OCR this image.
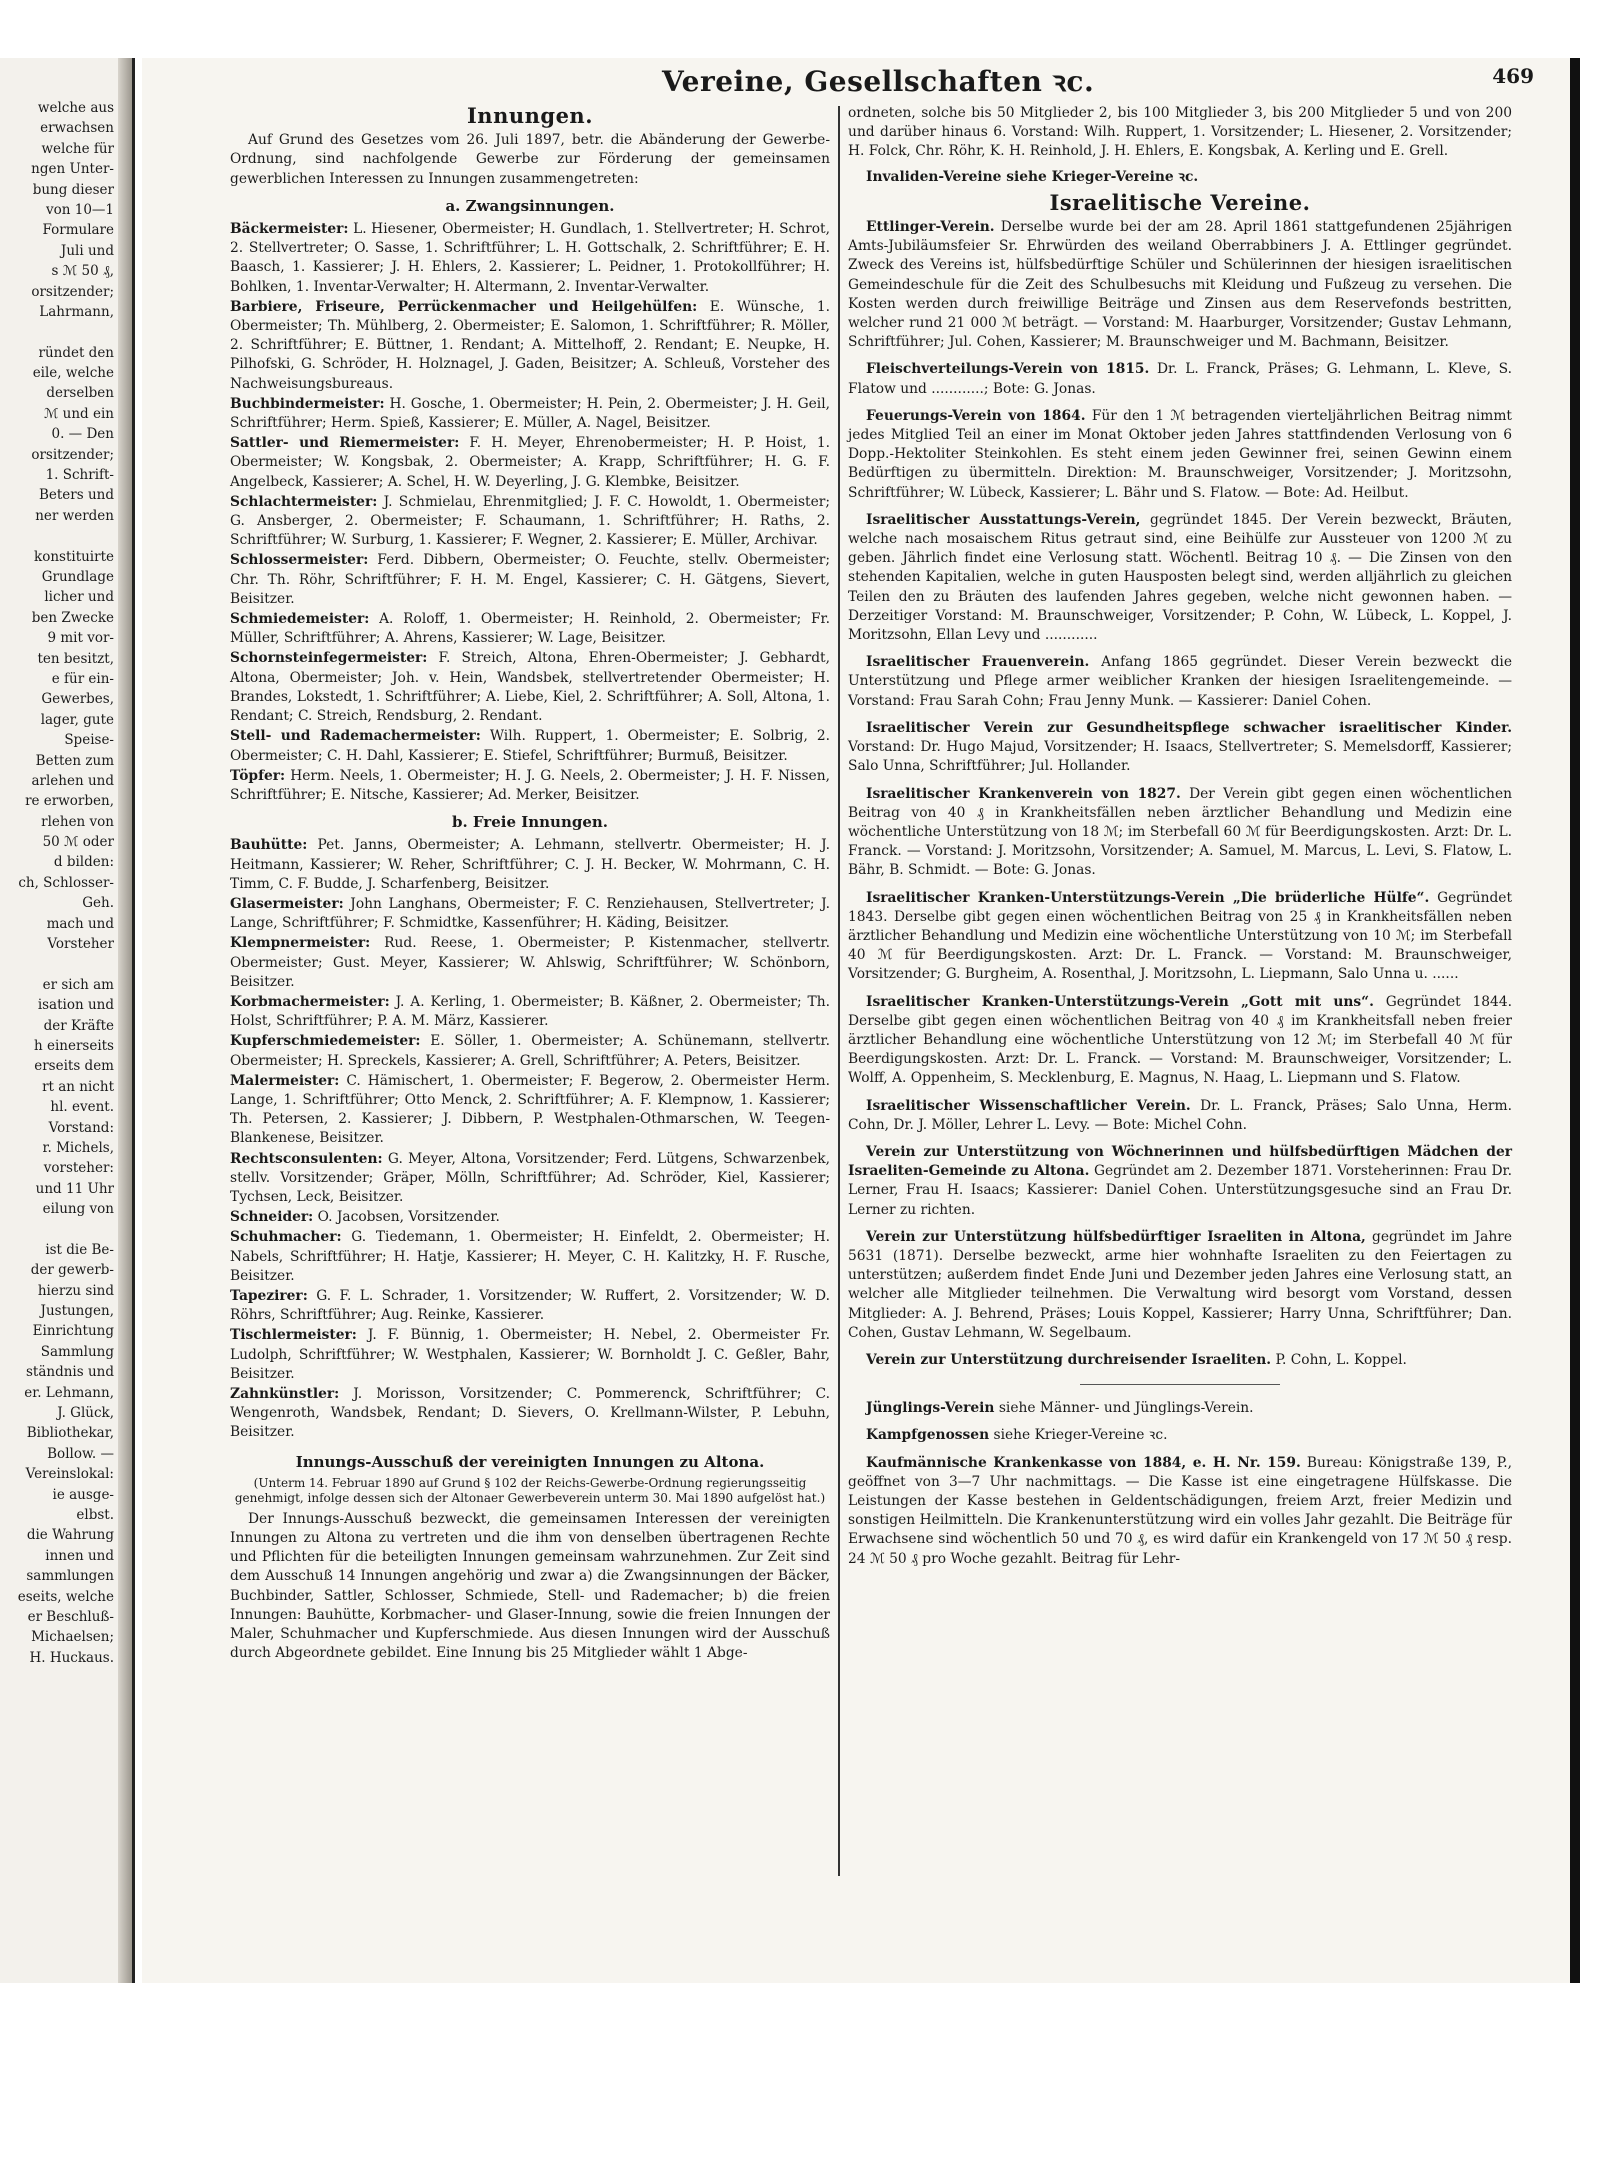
welche aus
erwachsen
welche für
ngen Unter-
bung dieser
von 10—1
Formulare
Juli und
s ℳ 50 ₰,
orsitzender;
Lahrmann,
ründet den
eile, welche
derselben
ℳ und ein
0. — Den
orsitzender;
1. Schrift-
Beters und
ner werden
konstituirte
Grundlage
licher und
ben Zwecke
9 mit vor-
ten besitzt,
e für ein-
Gewerbes,
lager, gute
Speise-
Betten zum
arlehen und
re erworben,
rlehen von
50 ℳ oder
d bilden:
ch, Schlosser-
Geh.
mach und
Vorsteher
er sich am
isation und
der Kräfte
h einerseits
erseits dem
rt an nicht
hl. event.
Vorstand:
r. Michels,
vorsteher:
und 11 Uhr
eilung von
ist die Be-
der gewerb-
hierzu sind
Justungen,
Einrichtung
Sammlung
ständnis und
er. Lehmann,
J. Glück,
Bibliothekar,
Bollow. —
Vereinslokal:
ie ausge-
elbst.
die Wahrung
innen und
sammlungen
eseits, welche
er Beschluß-
Michaelsen;
H. Huckaus.
Vereine, Gesellschaften ꝛc.	469
Innungen.

Auf Grund des Gesetzes vom 26. Juli 1897, betr. die Abänderung der Gewerbe-Ordnung, sind nachfolgende Gewerbe zur Förderung der gemeinsamen gewerblichen Interessen zu Innungen zusammengetreten:

a. Zwangsinnungen.

Bäckermeister: L. Hiesener, Obermeister; H. Gundlach, 1. Stellvertreter; H. Schrot, 2. Stellvertreter; O. Sasse, 1. Schriftführer; L. H. Gottschalk, 2. Schriftführer; E. H. Baasch, 1. Kassierer; J. H. Ehlers, 2. Kassierer; L. Peidner, 1. Protokollführer; H. Bohlken, 1. Inventar-Verwalter; H. Altermann, 2. Inventar-Verwalter.

Barbiere, Friseure, Perrückenmacher und Heilgehülfen: E. Wünsche, 1. Obermeister; Th. Mühlberg, 2. Obermeister; E. Salomon, 1. Schriftführer; R. Möller, 2. Schriftführer; E. Büttner, 1. Rendant; A. Mittelhoff, 2. Rendant; E. Neupke, H. Pilhofski, G. Schröder, H. Holznagel, J. Gaden, Beisitzer; A. Schleuß, Vorsteher des Nachweisungsbureaus.

Buchbindermeister: H. Gosche, 1. Obermeister; H. Pein, 2. Obermeister; J. H. Geil, Schriftführer; Herm. Spieß, Kassierer; E. Müller, A. Nagel, Beisitzer.

Sattler- und Riemermeister: F. H. Meyer, Ehrenobermeister; H. P. Hoist, 1. Obermeister; W. Kongsbak, 2. Obermeister; A. Krapp, Schriftführer; H. G. F. Angelbeck, Kassierer; A. Schel, H. W. Deyerling, J. G. Klembke, Beisitzer.

Schlachtermeister: J. Schmielau, Ehrenmitglied; J. F. C. Howoldt, 1. Obermeister; G. Ansberger, 2. Obermeister; F. Schaumann, 1. Schriftführer; H. Raths, 2. Schriftführer; W. Surburg, 1. Kassierer; F. Wegner, 2. Kassierer; E. Müller, Archivar.

Schlossermeister: Ferd. Dibbern, Obermeister; O. Feuchte, stellv. Obermeister; Chr. Th. Röhr, Schriftführer; F. H. M. Engel, Kassierer; C. H. Gätgens, Sievert, Beisitzer.

Schmiedemeister: A. Roloff, 1. Obermeister; H. Reinhold, 2. Obermeister; Fr. Müller, Schriftführer; A. Ahrens, Kassierer; W. Lage, Beisitzer.

Schornsteinfegermeister: F. Streich, Altona, Ehren-Obermeister; J. Gebhardt, Altona, Obermeister; Joh. v. Hein, Wandsbek, stellvertretender Obermeister; H. Brandes, Lokstedt, 1. Schriftführer; A. Liebe, Kiel, 2. Schriftführer; A. Soll, Altona, 1. Rendant; C. Streich, Rendsburg, 2. Rendant.

Stell- und Rademachermeister: Wilh. Ruppert, 1. Obermeister; E. Solbrig, 2. Obermeister; C. H. Dahl, Kassierer; E. Stiefel, Schriftführer; Burmuß, Beisitzer.

Töpfer: Herm. Neels, 1. Obermeister; H. J. G. Neels, 2. Obermeister; J. H. F. Nissen, Schriftführer; E. Nitsche, Kassierer; Ad. Merker, Beisitzer.

b. Freie Innungen.

Bauhütte: Pet. Janns, Obermeister; A. Lehmann, stellvertr. Obermeister; H. J. Heitmann, Kassierer; W. Reher, Schriftführer; C. J. H. Becker, W. Mohrmann, C. H. Timm, C. F. Budde, J. Scharfenberg, Beisitzer.

Glasermeister: John Langhans, Obermeister; F. C. Renziehausen, Stellvertreter; J. Lange, Schriftführer; F. Schmidtke, Kassenführer; H. Käding, Beisitzer.

Klempnermeister: Rud. Reese, 1. Obermeister; P. Kistenmacher, stellvertr. Obermeister; Gust. Meyer, Kassierer; W. Ahlswig, Schriftführer; W. Schönborn, Beisitzer.

Korbmachermeister: J. A. Kerling, 1. Obermeister; B. Käßner, 2. Obermeister; Th. Holst, Schriftführer; P. A. M. März, Kassierer.

Kupferschmiedemeister: E. Söller, 1. Obermeister; A. Schünemann, stellvertr. Obermeister; H. Spreckels, Kassierer; A. Grell, Schriftführer; A. Peters, Beisitzer.

Malermeister: C. Hämischert, 1. Obermeister; F. Begerow, 2. Obermeister Herm. Lange, 1. Schriftführer; Otto Menck, 2. Schriftführer; A. F. Klempnow, 1. Kassierer; Th. Petersen, 2. Kassierer; J. Dibbern, P. Westphalen-Othmarschen, W. Teegen-Blankenese, Beisitzer.

Rechtsconsulenten: G. Meyer, Altona, Vorsitzender; Ferd. Lütgens, Schwarzenbek, stellv. Vorsitzender; Gräper, Mölln, Schriftführer; Ad. Schröder, Kiel, Kassierer; Tychsen, Leck, Beisitzer.

Schneider: O. Jacobsen, Vorsitzender.

Schuhmacher: G. Tiedemann, 1. Obermeister; H. Einfeldt, 2. Obermeister; H. Nabels, Schriftführer; H. Hatje, Kassierer; H. Meyer, C. H. Kalitzky, H. F. Rusche, Beisitzer.

Tapezirer: G. F. L. Schrader, 1. Vorsitzender; W. Ruffert, 2. Vorsitzender; W. D. Röhrs, Schriftführer; Aug. Reinke, Kassierer.

Tischlermeister: J. F. Bünnig, 1. Obermeister; H. Nebel, 2. Obermeister Fr. Ludolph, Schriftführer; W. Westphalen, Kassierer; W. Bornholdt J. C. Geßler, Bahr, Beisitzer.

Zahnkünstler: J. Morisson, Vorsitzender; C. Pommerenck, Schriftführer; C. Wengenroth, Wandsbek, Rendant; D. Sievers, O. Krellmann-Wilster, P. Lebuhn, Beisitzer.

Innungs-Ausschuß der vereinigten Innungen zu Altona.
(Unterm 14. Februar 1890 auf Grund § 102 der Reichs-Gewerbe-Ordnung regierungsseitig genehmigt, infolge dessen sich der Altonaer Gewerbeverein unterm 30. Mai 1890 aufgelöst hat.)

Der Innungs-Ausschuß bezweckt, die gemeinsamen Interessen der vereinigten Innungen zu Altona zu vertreten und die ihm von denselben übertragenen Rechte und Pflichten für die beteiligten Innungen gemeinsam wahrzunehmen. Zur Zeit sind dem Ausschuß 14 Innungen angehörig und zwar a) die Zwangsinnungen der Bäcker, Buchbinder, Sattler, Schlosser, Schmiede, Stell- und Rademacher; b) die freien Innungen: Bauhütte, Korbmacher- und Glaser-Innung, sowie die freien Innungen der Maler, Schuhmacher und Kupferschmiede. Aus diesen Innungen wird der Ausschuß durch Abgeordnete gebildet. Eine Innung bis 25 Mitglieder wählt 1 Abge-

ordneten, solche bis 50 Mitglieder 2, bis 100 Mitglieder 3, bis 200 Mitglieder 5 und von 200 und darüber hinaus 6. Vorstand: Wilh. Ruppert, 1. Vorsitzender; L. Hiesener, 2. Vorsitzender; H. Folck, Chr. Röhr, K. H. Reinhold, J. H. Ehlers, E. Kongsbak, A. Kerling und E. Grell.

Invaliden-Vereine siehe Krieger-Vereine ꝛc.

Israelitische Vereine.

Ettlinger-Verein. Derselbe wurde bei der am 28. April 1861 stattgefundenen 25jährigen Amts-Jubiläumsfeier Sr. Ehrwürden des weiland Oberrabbiners J. A. Ettlinger gegründet. Zweck des Vereins ist, hülfsbedürftige Schüler und Schülerinnen der hiesigen israelitischen Gemeindeschule für die Zeit des Schulbesuchs mit Kleidung und Fußzeug zu versehen. Die Kosten werden durch freiwillige Beiträge und Zinsen aus dem Reservefonds bestritten, welcher rund 21 000 ℳ beträgt. — Vorstand: M. Haarburger, Vorsitzender; Gustav Lehmann, Schriftführer; Jul. Cohen, Kassierer; M. Braunschweiger und M. Bachmann, Beisitzer.

Fleischverteilungs-Verein von 1815. Dr. L. Franck, Präses; G. Lehmann, L. Kleve, S. Flatow und ............; Bote: G. Jonas.

Feuerungs-Verein von 1864. Für den 1 ℳ betragenden vierteljährlichen Beitrag nimmt jedes Mitglied Teil an einer im Monat Oktober jeden Jahres stattfindenden Verlosung von 6 Dopp.-Hektoliter Steinkohlen. Es steht einem jeden Gewinner frei, seinen Gewinn einem Bedürftigen zu übermitteln. Direktion: M. Braunschweiger, Vorsitzender; J. Moritzsohn, Schriftführer; W. Lübeck, Kassierer; L. Bähr und S. Flatow. — Bote: Ad. Heilbut.

Israelitischer Ausstattungs-Verein, gegründet 1845. Der Verein bezweckt, Bräuten, welche nach mosaischem Ritus getraut sind, eine Beihülfe zur Aussteuer von 1200 ℳ zu geben. Jährlich findet eine Verlosung statt. Wöchentl. Beitrag 10 ₰. — Die Zinsen von den stehenden Kapitalien, welche in guten Hausposten belegt sind, werden alljährlich zu gleichen Teilen den zu Bräuten des laufenden Jahres gegeben, welche nicht gewonnen haben. — Derzeitiger Vorstand: M. Braunschweiger, Vorsitzender; P. Cohn, W. Lübeck, L. Koppel, J. Moritzsohn, Ellan Levy und ............

Israelitischer Frauenverein. Anfang 1865 gegründet. Dieser Verein bezweckt die Unterstützung und Pflege armer weiblicher Kranken der hiesigen Israelitengemeinde. — Vorstand: Frau Sarah Cohn; Frau Jenny Munk. — Kassierer: Daniel Cohen.

Israelitischer Verein zur Gesundheitspflege schwacher israelitischer Kinder. Vorstand: Dr. Hugo Majud, Vorsitzender; H. Isaacs, Stellvertreter; S. Memelsdorff, Kassierer; Salo Unna, Schriftführer; Jul. Hollander.

Israelitischer Krankenverein von 1827. Der Verein gibt gegen einen wöchentlichen Beitrag von 40 ₰ in Krankheitsfällen neben ärztlicher Behandlung und Medizin eine wöchentliche Unterstützung von 18 ℳ; im Sterbefall 60 ℳ für Beerdigungskosten. Arzt: Dr. L. Franck. — Vorstand: J. Moritzsohn, Vorsitzender; A. Samuel, M. Marcus, L. Levi, S. Flatow, L. Bähr, B. Schmidt. — Bote: G. Jonas.

Israelitischer Kranken-Unterstützungs-Verein „Die brüderliche Hülfe“. Gegründet 1843. Derselbe gibt gegen einen wöchentlichen Beitrag von 25 ₰ in Krankheitsfällen neben ärztlicher Behandlung und Medizin eine wöchentliche Unterstützung von 10 ℳ; im Sterbefall 40 ℳ für Beerdigungskosten. Arzt: Dr. L. Franck. — Vorstand: M. Braunschweiger, Vorsitzender; G. Burgheim, A. Rosenthal, J. Moritzsohn, L. Liepmann, Salo Unna u. ......

Israelitischer Kranken-Unterstützungs-Verein „Gott mit uns“. Gegründet 1844. Derselbe gibt gegen einen wöchentlichen Beitrag von 40 ₰ im Krankheitsfall neben freier ärztlicher Behandlung eine wöchentliche Unterstützung von 12 ℳ; im Sterbefall 40 ℳ für Beerdigungskosten. Arzt: Dr. L. Franck. — Vorstand: M. Braunschweiger, Vorsitzender; L. Wolff, A. Oppenheim, S. Mecklenburg, E. Magnus, N. Haag, L. Liepmann und S. Flatow.

Israelitischer Wissenschaftlicher Verein. Dr. L. Franck, Präses; Salo Unna, Herm. Cohn, Dr. J. Möller, Lehrer L. Levy. — Bote: Michel Cohn.

Verein zur Unterstützung von Wöchnerinnen und hülfsbedürftigen Mädchen der Israeliten-Gemeinde zu Altona. Gegründet am 2. Dezember 1871. Vorsteherinnen: Frau Dr. Lerner, Frau H. Isaacs; Kassierer: Daniel Cohen. Unterstützungsgesuche sind an Frau Dr. Lerner zu richten.

Verein zur Unterstützung hülfsbedürftiger Israeliten in Altona, gegründet im Jahre 5631 (1871). Derselbe bezweckt, arme hier wohnhafte Israeliten zu den Feiertagen zu unterstützen; außerdem findet Ende Juni und Dezember jeden Jahres eine Verlosung statt, an welcher alle Mitglieder teilnehmen. Die Verwaltung wird besorgt vom Vorstand, dessen Mitglieder: A. J. Behrend, Präses; Louis Koppel, Kassierer; Harry Unna, Schriftführer; Dan. Cohen, Gustav Lehmann, W. Segelbaum.

Verein zur Unterstützung durchreisender Israeliten. P. Cohn, L. Koppel.

Jünglings-Verein siehe Männer- und Jünglings-Verein.

Kampfgenossen siehe Krieger-Vereine ꝛc.

Kaufmännische Krankenkasse von 1884, e. H. Nr. 159. Bureau: Königstraße 139, P., geöffnet von 3—7 Uhr nachmittags. — Die Kasse ist eine eingetragene Hülfskasse. Die Leistungen der Kasse bestehen in Geldentschädigungen, freiem Arzt, freier Medizin und sonstigen Heilmitteln. Die Krankenunterstützung wird ein volles Jahr gezahlt. Die Beiträge für Erwachsene sind wöchentlich 50 und 70 ₰, es wird dafür ein Krankengeld von 17 ℳ 50 ₰ resp. 24 ℳ 50 ₰ pro Woche gezahlt. Beitrag für Lehr-
